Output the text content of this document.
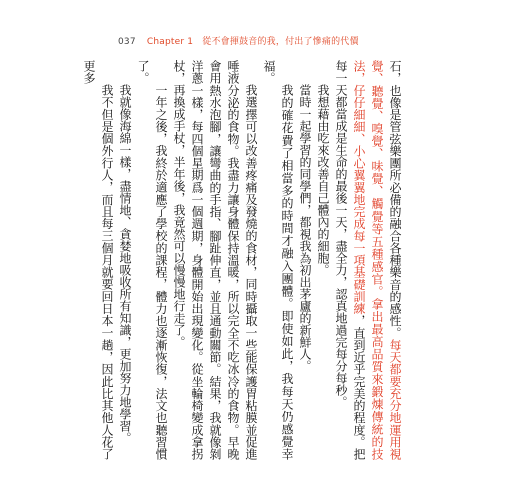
037 Chapter 1 從不會揮鼓音的我，付出了慘痛的代價

石，也像是管弦樂團所必備的融合各種樂音的感性。每天都要充分地運用視覺、聽覺、嗅覺、味覺、觸覺等五種感官。拿出最高品質來鍛煉傳統的技法，仔仔細細、小心翼翼地完成每一項基礎訓練，直到近乎完美的程度。把每一天都當成是生命的最後一天，盡全力，認真地過完每分每秒。

我想藉由吃來改善自己體內的細胞。

當時一起學習的同學們，都視我為初出茅廬的新鮮人。

我的確花費了相當多的時間才融入團體。即使如此，我每天仍感覺幸福。

我選擇可以改善疼痛及發燒的食材，同時攝取一些能保護胃粘膜並促進唾液分泌的食物。我盡力讓身體保持溫暖，所以完全不吃冰冷的食物。早晚會用熱水泡腳，讓彎曲的手指、腳趾伸直，並且通動關節。結果，我就像剝洋蔥一樣，每四個星期爲一個週期，身體開始出現變化。從坐輪椅變成拿拐杖，再換成手杖，半年後，我竟然可以慢慢地行走了。

一年之後，我終於適應了學校的課程，體力也逐漸恢復，法文也聽習慣了。

我就像海綿一樣，盡情地、貪婪地吸收所有知識，更加努力地學習。

我不但是個外行人，而且每三個月就要回日本一趟，因此比其他人花了更多
